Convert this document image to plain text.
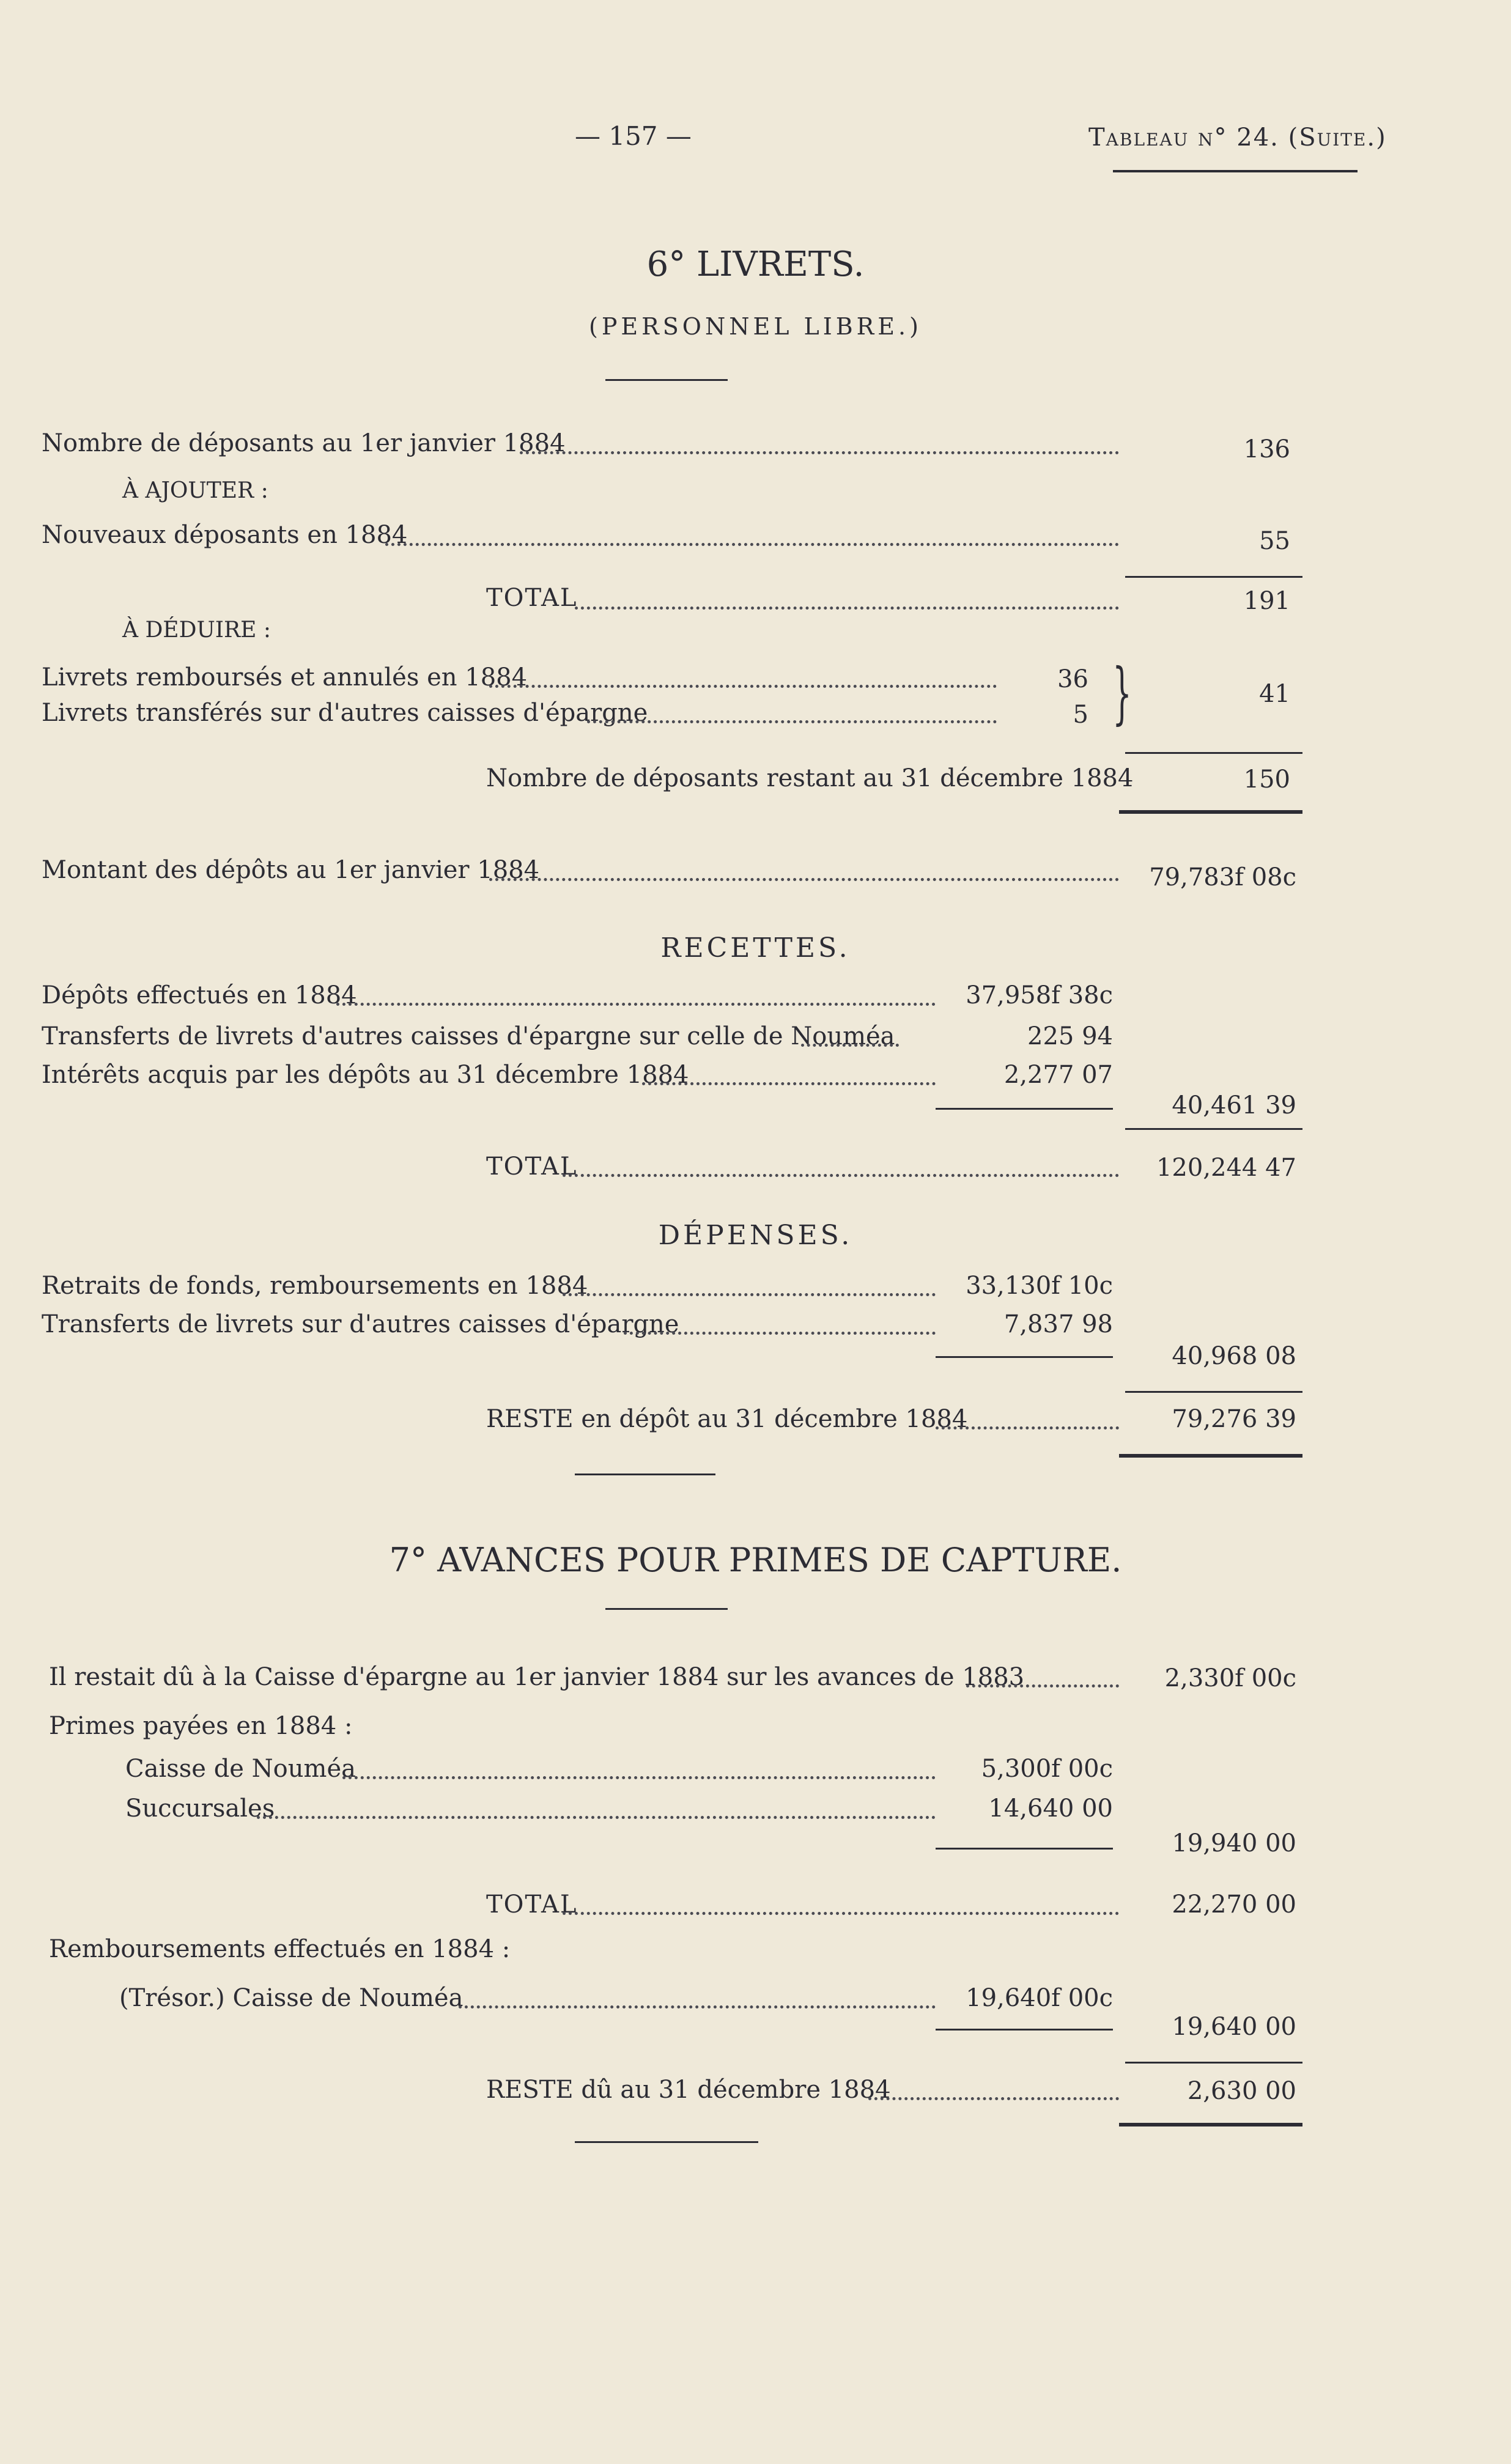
— 157 —	Tableau n° 24. (Suite.)
6° LIVRETS.
(PERSONNEL LIBRE.)
Nombre de déposants au 1er janvier 1884	136
À AJOUTER :
Nouveaux déposants en 1884	55
TOTAL	191
À DÉDUIRE :
Livrets remboursés et annulés en 1884	36
Livrets transférés sur d'autres caisses d'épargne	5 }	41
Nombre de déposants restant au 31 décembre 1884	150
Montant des dépôts au 1er janvier 1884	79,783f 08c
RECETTES.
Dépôts effectués en 1884	37,958f 38c
Transferts de livrets d'autres caisses d'épargne sur celle de Nouméa	225 94
Intérêts acquis par les dépôts au 31 décembre 1884	2,277 07
40,461 39
TOTAL	120,244 47
DÉPENSES.
Retraits de fonds, remboursements en 1884	33,130f 10c
Transferts de livrets sur d'autres caisses d'épargne	7,837 98
40,968 08
RESTE en dépôt au 31 décembre 1884	79,276 39
7° AVANCES POUR PRIMES DE CAPTURE.
Il restait dû à la Caisse d'épargne au 1er janvier 1884 sur les avances de 1883	2,330f 00c
Primes payées en 1884 :
Caisse de Nouméa	5,300f 00c
Succursales	14,640 00
19,940 00
TOTAL	22,270 00
Remboursements effectués en 1884 :
(Trésor.) Caisse de Nouméa	19,640f 00c
19,640 00
RESTE dû au 31 décembre 1884	2,630 00
